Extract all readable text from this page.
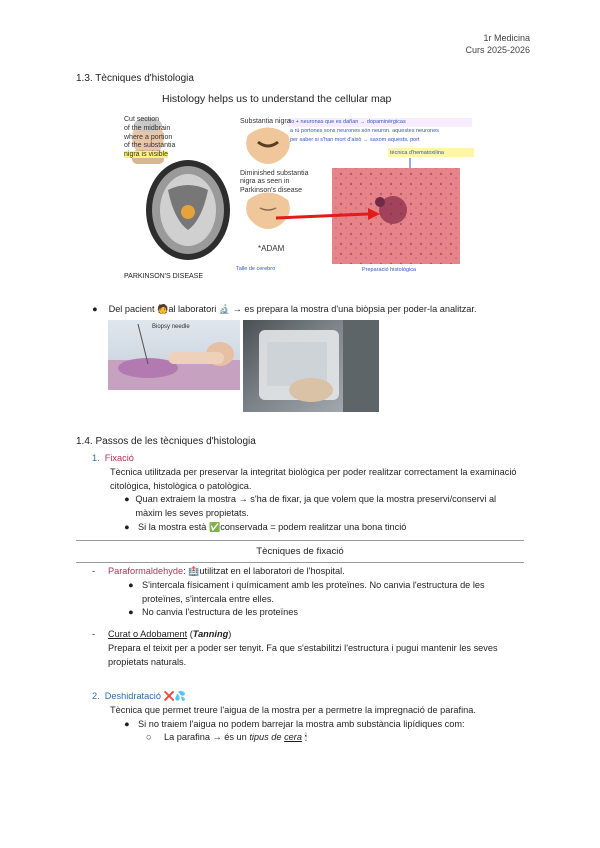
1r Medicina
Curs 2025-2026
1.3. Tècniques d'histologia
Histology helps us to understand the cellular map
Cut section
of the midbrain
where a portion
of the substantia
nigra is visible
Substantia nigra
Diminished substantia
nigra as seen in
Parkinson's disease
*ADAM
PARKINSON'S DISEASE
lo + neuronas que es dañan → dopaminérgicas
a rú portones sons neurones són neuron. aquestes neurones
per saber si s'han mort d'això → saxom aquests. port
técnica d'hematoxilina
Talle de cerebro	Preparació histològica
● Del pacient 🧑al laboratori 🔬 → es prepara la mostra d'una biòpsia per poder-la analitzar.
Biopsy needle
1.4. Passos de les tècniques d'histologia
1. Fixació
Tècnica utilitzada per preservar la integritat biològica per poder realitzar correctament la examinació citològica, histològica o patològica.
● Quan extraiem la mostra → s'ha de fixar, ja que volem que la mostra preservi/conservi al màxim les seves propietats.
● Si la mostra està ✅conservada = podem realitzar una bona tinció
Tècniques de fixació
- Paraformaldehyde: 🏥utilitzat en el laboratori de l'hospital.
● S'intercala físicament i químicament amb les proteïnes. No canvia l'estructura de les proteïnes, s'intercala entre elles.
● No canvia l'estructura de les proteïnes
- Curat o Adobament (Tanning)
Prepara el teixit per a poder ser tenyit. Fa que s'estabilitzi l'estructura i pugui mantenir les seves propietats naturals.
2. Deshidratació ❌💦
Tècnica que permet treure l'aigua de la mostra per a permetre la impregnació de parafina.
● Si no traiem l'aigua no podem barrejar la mostra amb substància lipídiques com:
○	La parafina → és un tipus de cera 🕯
